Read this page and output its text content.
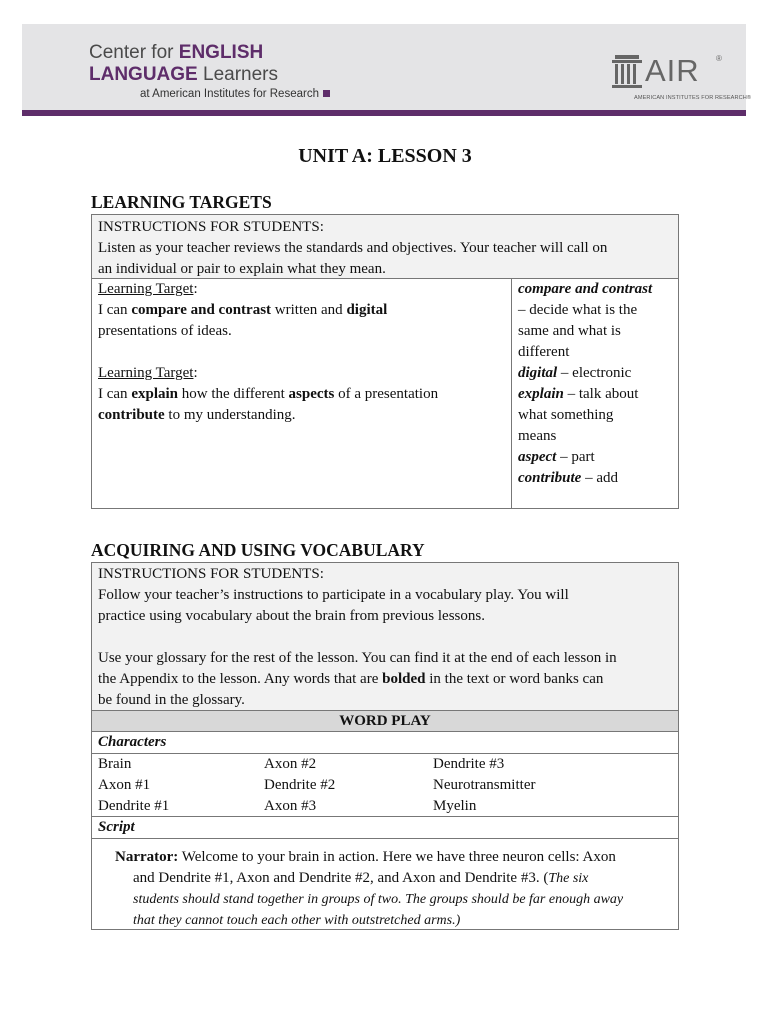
Center for ENGLISH
LANGUAGE Learners
at American Institutes for Research
AIR ®
AMERICAN INSTITUTES FOR RESEARCH®
UNIT A: LESSON 3
LEARNING TARGETS
INSTRUCTIONS FOR STUDENTS:
Listen as your teacher reviews the standards and objectives. Your teacher will call on
an individual or pair to explain what they mean.
Learning Target:
I can compare and contrast written and digital
presentations of ideas.
Learning Target:
I can explain how the different aspects of a presentation
contribute to my understanding.
compare and contrast
– decide what is the
same and what is
different
digital – electronic
explain – talk about
what something
means
aspect – part
contribute – add
ACQUIRING AND USING VOCABULARY
INSTRUCTIONS FOR STUDENTS:
Follow your teacher’s instructions to participate in a vocabulary play. You will
practice using vocabulary about the brain from previous lessons.
Use your glossary for the rest of the lesson. You can find it at the end of each lesson in
the Appendix to the lesson. Any words that are bolded in the text or word banks can
be found in the glossary.
WORD PLAY
Characters
Brain
Axon #1
Dendrite #1
Axon #2
Dendrite #2
Axon #3
Dendrite #3
Neurotransmitter
Myelin
Script
Narrator: Welcome to your brain in action. Here we have three neuron cells: Axon
and Dendrite #1, Axon and Dendrite #2, and Axon and Dendrite #3. (The six
students should stand together in groups of two. The groups should be far enough away
that they cannot touch each other with outstretched arms.)
